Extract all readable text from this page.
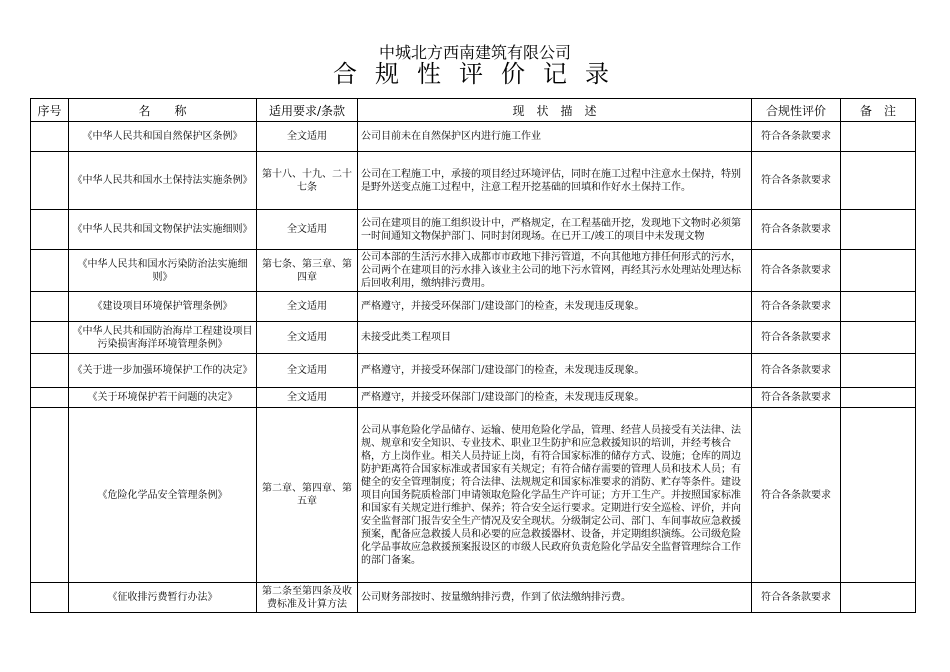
中城北方西南建筑有限公司
合规性评价记录
序号	名　　称	适用要求/条款	现　状　描　述	合规性评价	备　注
	《中华人民共和国自然保护区条例》	全文适用	公司目前未在自然保护区内进行施工作业	符合各条款要求	
	《中华人民共和国水土保持法实施条例》	第十八、十九、二十七条	公司在工程施工中，承接的项目经过环境评估，同时在施工过程中注意水土保持，特别是野外送变点施工过程中，注意工程开挖基础的回填和作好水土保持工作。	符合各条款要求	
	《中华人民共和国文物保护法实施细则》	全文适用	公司在建项目的施工组织设计中，严格规定，在工程基础开挖，发现地下文物时必须第一时间通知文物保护部门、同时封闭现场。在已开工/竣工的项目中未发现文物	符合各条款要求	
	《中华人民共和国水污染防治法实施细则》	第七条、第三章、第四章	公司本部的生活污水排入成都市市政地下排污管道，不向其他地方排任何形式的污水，公司两个在建项目的污水排入该业主公司的地下污水管网，再经其污水处理站处理达标后回收利用，缴纳排污费用。	符合各条款要求	
	《建设项目环境保护管理条例》	全文适用	严格遵守，并接受环保部门/建设部门的检查，未发现违反现象。	符合各条款要求	
	《中华人民共和国防治海岸工程建设项目污染损害海洋环境管理条例》	全文适用	未接受此类工程项目	符合各条款要求	
	《关于进一步加强环境保护工作的决定》	全文适用	严格遵守，并接受环保部门/建设部门的检查，未发现违反现象。	符合各条款要求	
	《关于环境保护若干问题的决定》	全文适用	严格遵守，并接受环保部门/建设部门的检查，未发现违反现象。	符合各条款要求	
	《危险化学品安全管理条例》	第二章、第四章、第五章	公司从事危险化学品储存、运输、使用危险化学品，管理、经营人员接受有关法律、法规、规章和安全知识、专业技术、职业卫生防护和应急救援知识的培训，并经考核合格，方上岗作业。相关人员持证上岗，有符合国家标准的储存方式、设施；仓库的周边防护距离符合国家标准或者国家有关规定；有符合储存需要的管理人员和技术人员；有健全的安全管理制度；符合法律、法规规定和国家标准要求的消防、贮存等条件。建设项目向国务院质检部门申请领取危险化学品生产许可证；方开工生产。并按照国家标准和国家有关规定进行维护、保养；符合安全运行要求。定期进行安全巡检、评价，并向安全监督部门报告安全生产情况及安全现状。分级制定公司、部门、车间事故应急救援预案，配备应急救援人员和必要的应急救援器材、设备，并定期组织演练。公司级危险化学品事故应急救援预案报设区的市级人民政府负责危险化学品安全监督管理综合工作的部门备案。	符合各条款要求	
	《征收排污费暂行办法》	第二条至第四条及收费标准及计算方法	公司财务部按时、按量缴纳排污费，作到了依法缴纳排污费。	符合各条款要求	
